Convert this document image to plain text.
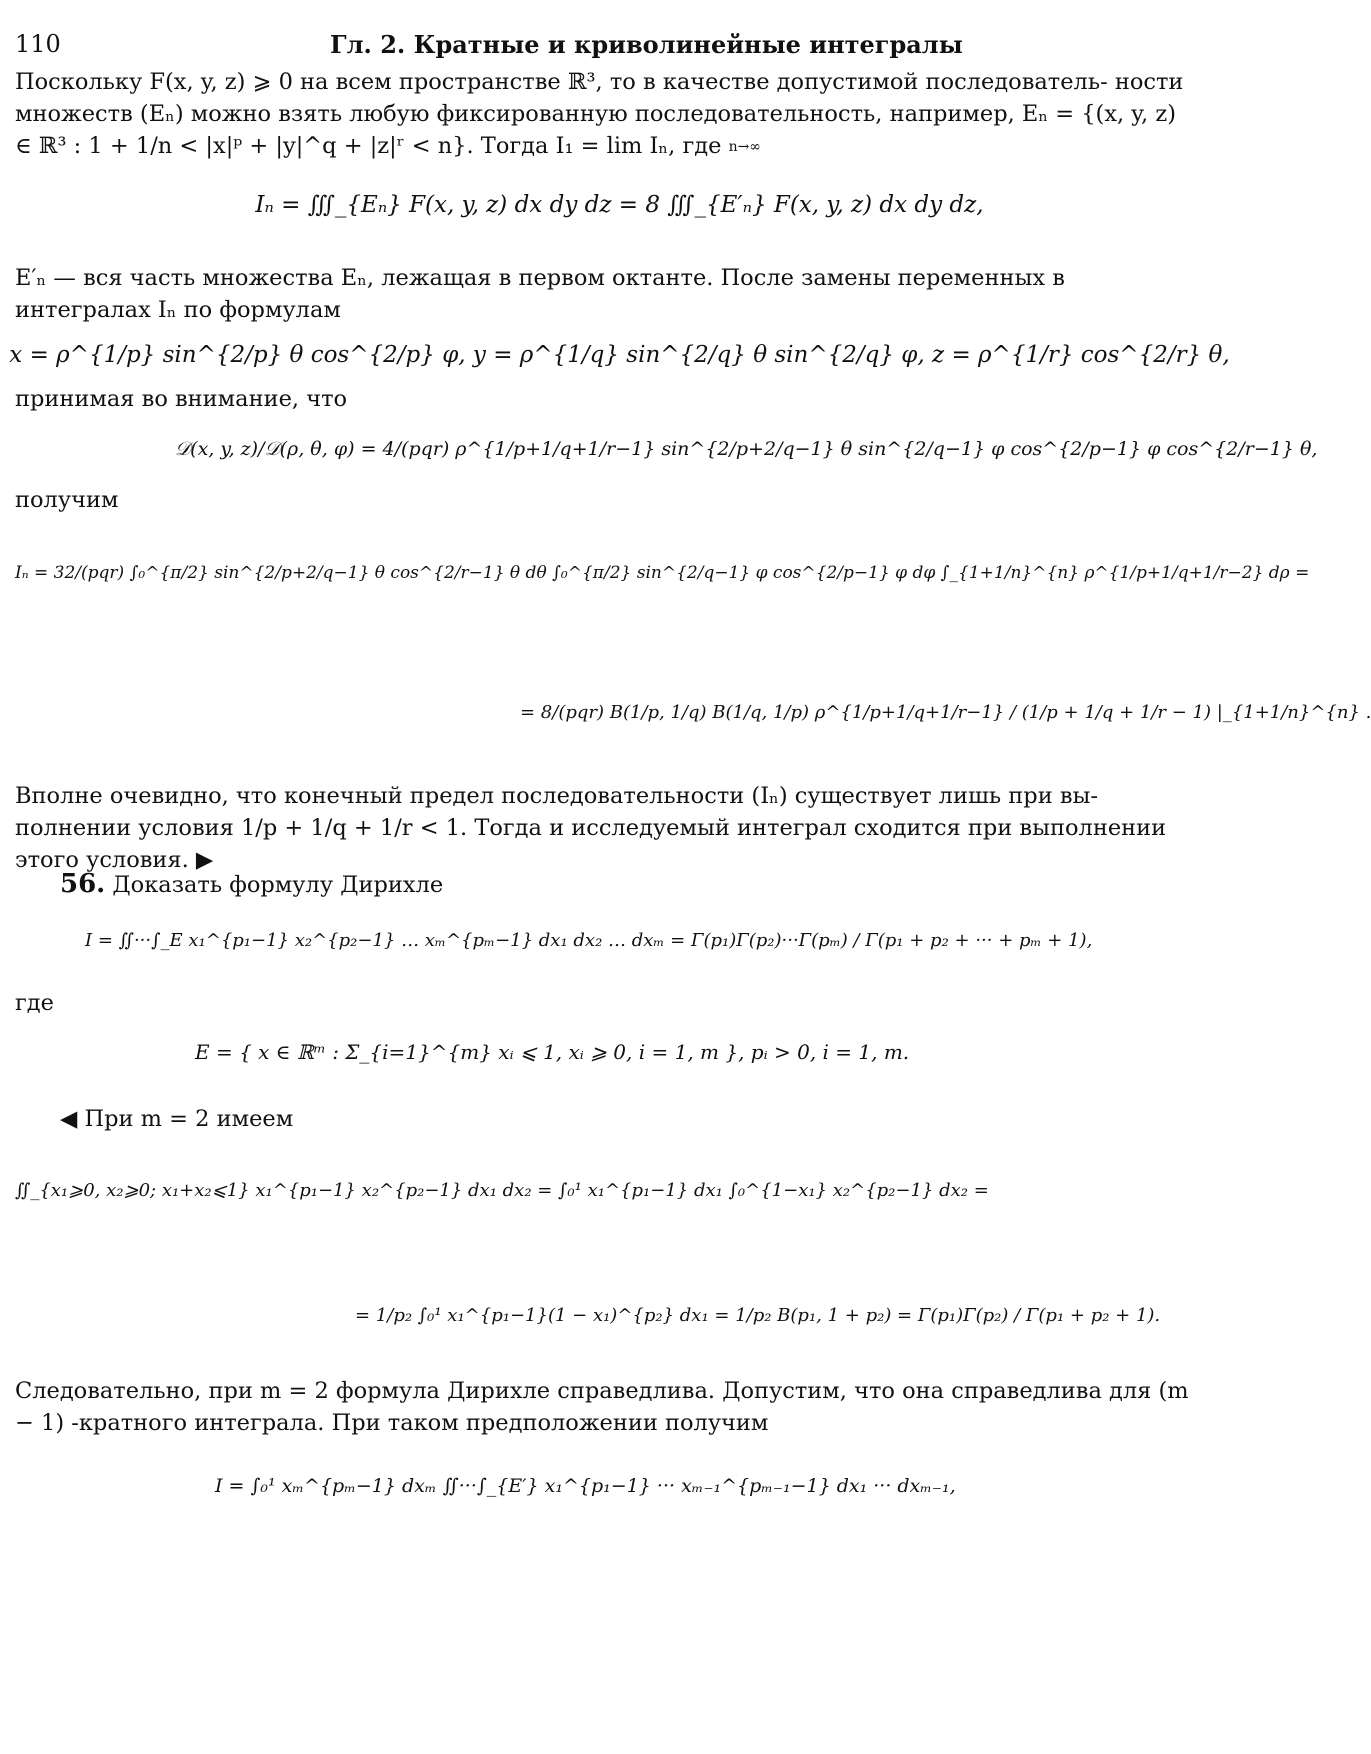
110	Гл. 2. Кратные и криволинейные интегралы

Поскольку F(x, y, z) ⩾ 0 на всем пространстве ℝ³, то в качестве допустимой последователь- ности множеств (Eₙ) можно взять любую фиксированную последовательность, например, Eₙ = {(x, y, z) ∈ ℝ³ : 1 + 1/n < |x|ᵖ + |y|^q + |z|ʳ < n}. Тогда I₁ = lim Iₙ, где n→∞

Iₙ = ∭_{Eₙ} F(x, y, z) dx dy dz = 8 ∭_{E′ₙ} F(x, y, z) dx dy dz,

E′ₙ — вся часть множества Eₙ, лежащая в первом октанте. После замены переменных в интегралах Iₙ по формулам

x = ρ^{1/p} sin^{2/p} θ cos^{2/p} φ, y = ρ^{1/q} sin^{2/q} θ sin^{2/q} φ, z = ρ^{1/r} cos^{2/r} θ,

принимая во внимание, что

𝒟(x, y, z)/𝒟(ρ, θ, φ) = 4/(pqr) ρ^{1/p+1/q+1/r−1} sin^{2/p+2/q−1} θ sin^{2/q−1} φ cos^{2/p−1} φ cos^{2/r−1} θ,

получим

Iₙ = 32/(pqr) ∫₀^{π/2} sin^{2/p+2/q−1} θ cos^{2/r−1} θ dθ ∫₀^{π/2} sin^{2/q−1} φ cos^{2/p−1} φ dφ ∫_{1+1/n}^{n} ρ^{1/p+1/q+1/r−2} dρ =
= 8/(pqr) B(1/p, 1/q) B(1/q, 1/p) ρ^{1/p+1/q+1/r−1} / (1/p + 1/q + 1/r − 1) |_{1+1/n}^{n} .

Вполне очевидно, что конечный предел последовательности (Iₙ) существует лишь при вы- полнении условия 1/p + 1/q + 1/r < 1. Тогда и исследуемый интеграл сходится при выполнении этого условия. ▶

56. Доказать формулу Дирихле

I = ∬···∫_E x₁^{p₁−1} x₂^{p₂−1} … xₘ^{pₘ−1} dx₁ dx₂ … dxₘ = Γ(p₁)Γ(p₂)···Γ(pₘ) / Γ(p₁ + p₂ + ··· + pₘ + 1),

где

E = { x ∈ ℝᵐ : Σ_{i=1}^{m} xᵢ ⩽ 1, xᵢ ⩾ 0, i = 1, m }, pᵢ > 0, i = 1, m.

◀ При m = 2 имеем

∬_{x₁⩾0, x₂⩾0; x₁+x₂⩽1} x₁^{p₁−1} x₂^{p₂−1} dx₁ dx₂ = ∫₀¹ x₁^{p₁−1} dx₁ ∫₀^{1−x₁} x₂^{p₂−1} dx₂ =
= 1/p₂ ∫₀¹ x₁^{p₁−1}(1 − x₁)^{p₂} dx₁ = 1/p₂ B(p₁, 1 + p₂) = Γ(p₁)Γ(p₂) / Γ(p₁ + p₂ + 1).

Следовательно, при m = 2 формула Дирихле справедлива. Допустим, что она справедлива для (m − 1) -кратного интеграла. При таком предположении получим

I = ∫₀¹ xₘ^{pₘ−1} dxₘ ∬···∫_{E′} x₁^{p₁−1} ··· xₘ₋₁^{pₘ₋₁−1} dx₁ ··· dxₘ₋₁,
